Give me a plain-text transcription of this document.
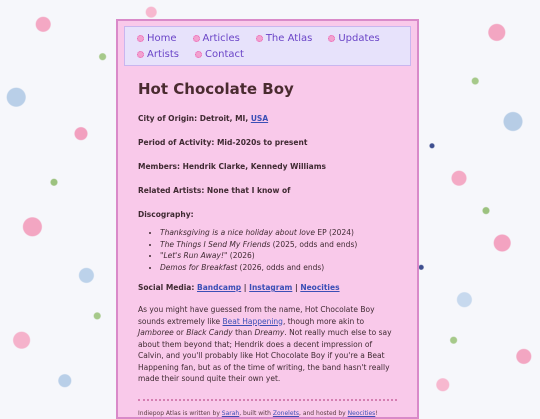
Home	Articles	The Atlas	Updates
Artists	Contact
Hot Chocolate Boy
City of Origin: Detroit, MI, USA
Period of Activity: Mid-2020s to present
Members: Hendrik Clarke, Kennedy Williams
Related Artists: None that I know of
Discography:
• Thanksgiving is a nice holiday about love EP (2024)
• The Things I Send My Friends (2025, odds and ends)
• "Let's Run Away!" (2026)
• Demos for Breakfast (2026, odds and ends)
Social Media: Bandcamp | Instagram | Neocities

As you might have guessed from the name, Hot Chocolate Boy sounds extremely like Beat Happening, though more akin to Jamboree or Black Candy than Dreamy. Not really much else to say about them beyond that; Hendrik does a decent impression of Calvin, and you'll probably like Hot Chocolate Boy if you're a Beat Happening fan, but as of the time of writing, the band hasn't really made their sound quite their own yet.

Indiepop Atlas is written by Sarah, built with Zonelets, and hosted by Neocities!
